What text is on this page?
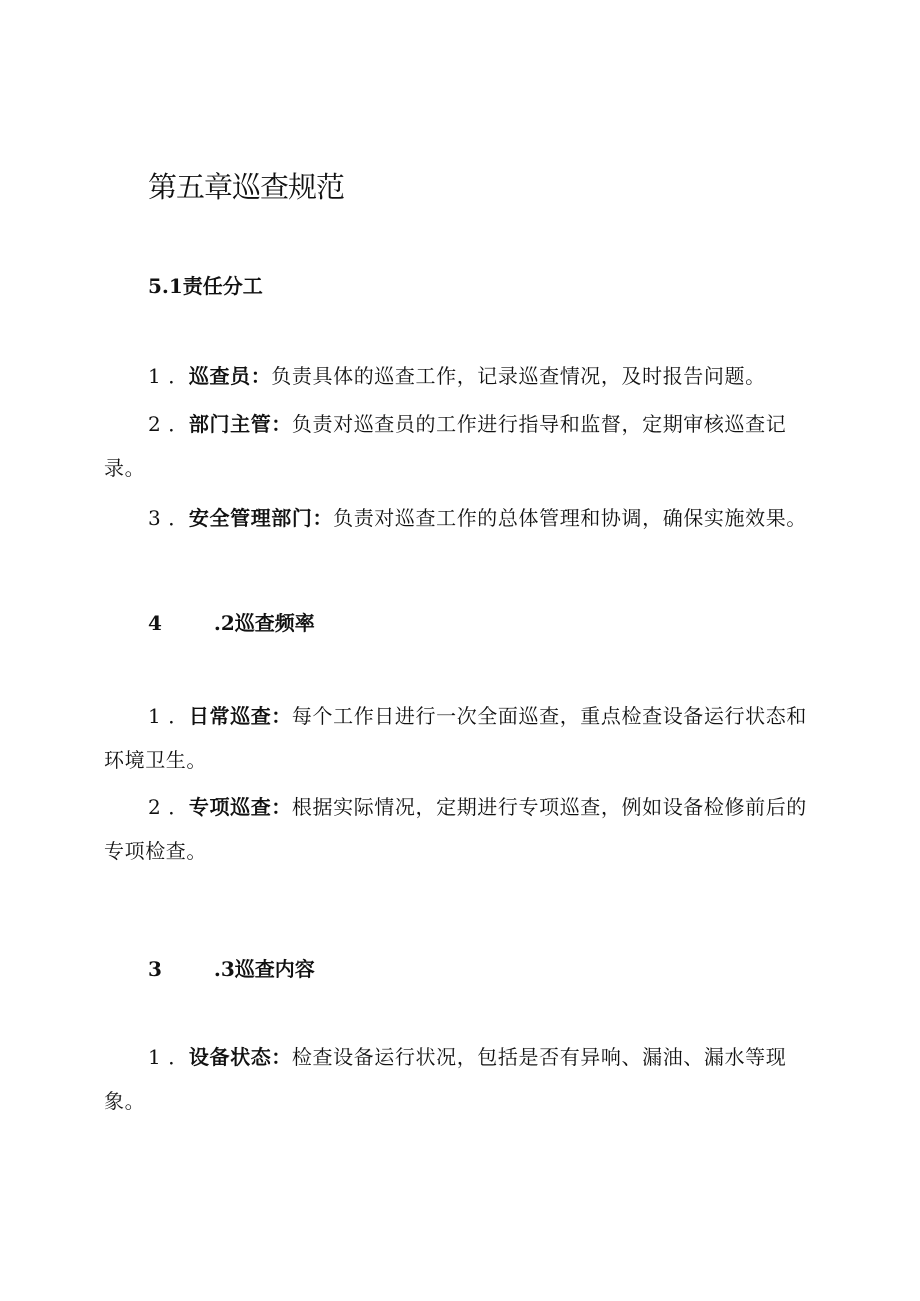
第五章巡查规范
5.1责任分工

1 ．巡查员：负责具体的巡查工作，记录巡查情况，及时报告问题。

2 ．部门主管：负责对巡查员的工作进行指导和监督，定期审核巡查记录。

3 ．安全管理部门：负责对巡查工作的总体管理和协调，确保实施效果。

4	.2巡查频率

1 ．日常巡查：每个工作日进行一次全面巡查，重点检查设备运行状态和环境卫生。

2 ．专项巡查：根据实际情况，定期进行专项巡查，例如设备检修前后的专项检查。

3	.3巡查内容

1 ．设备状态：检查设备运行状况，包括是否有异响、漏油、漏水等现象。
